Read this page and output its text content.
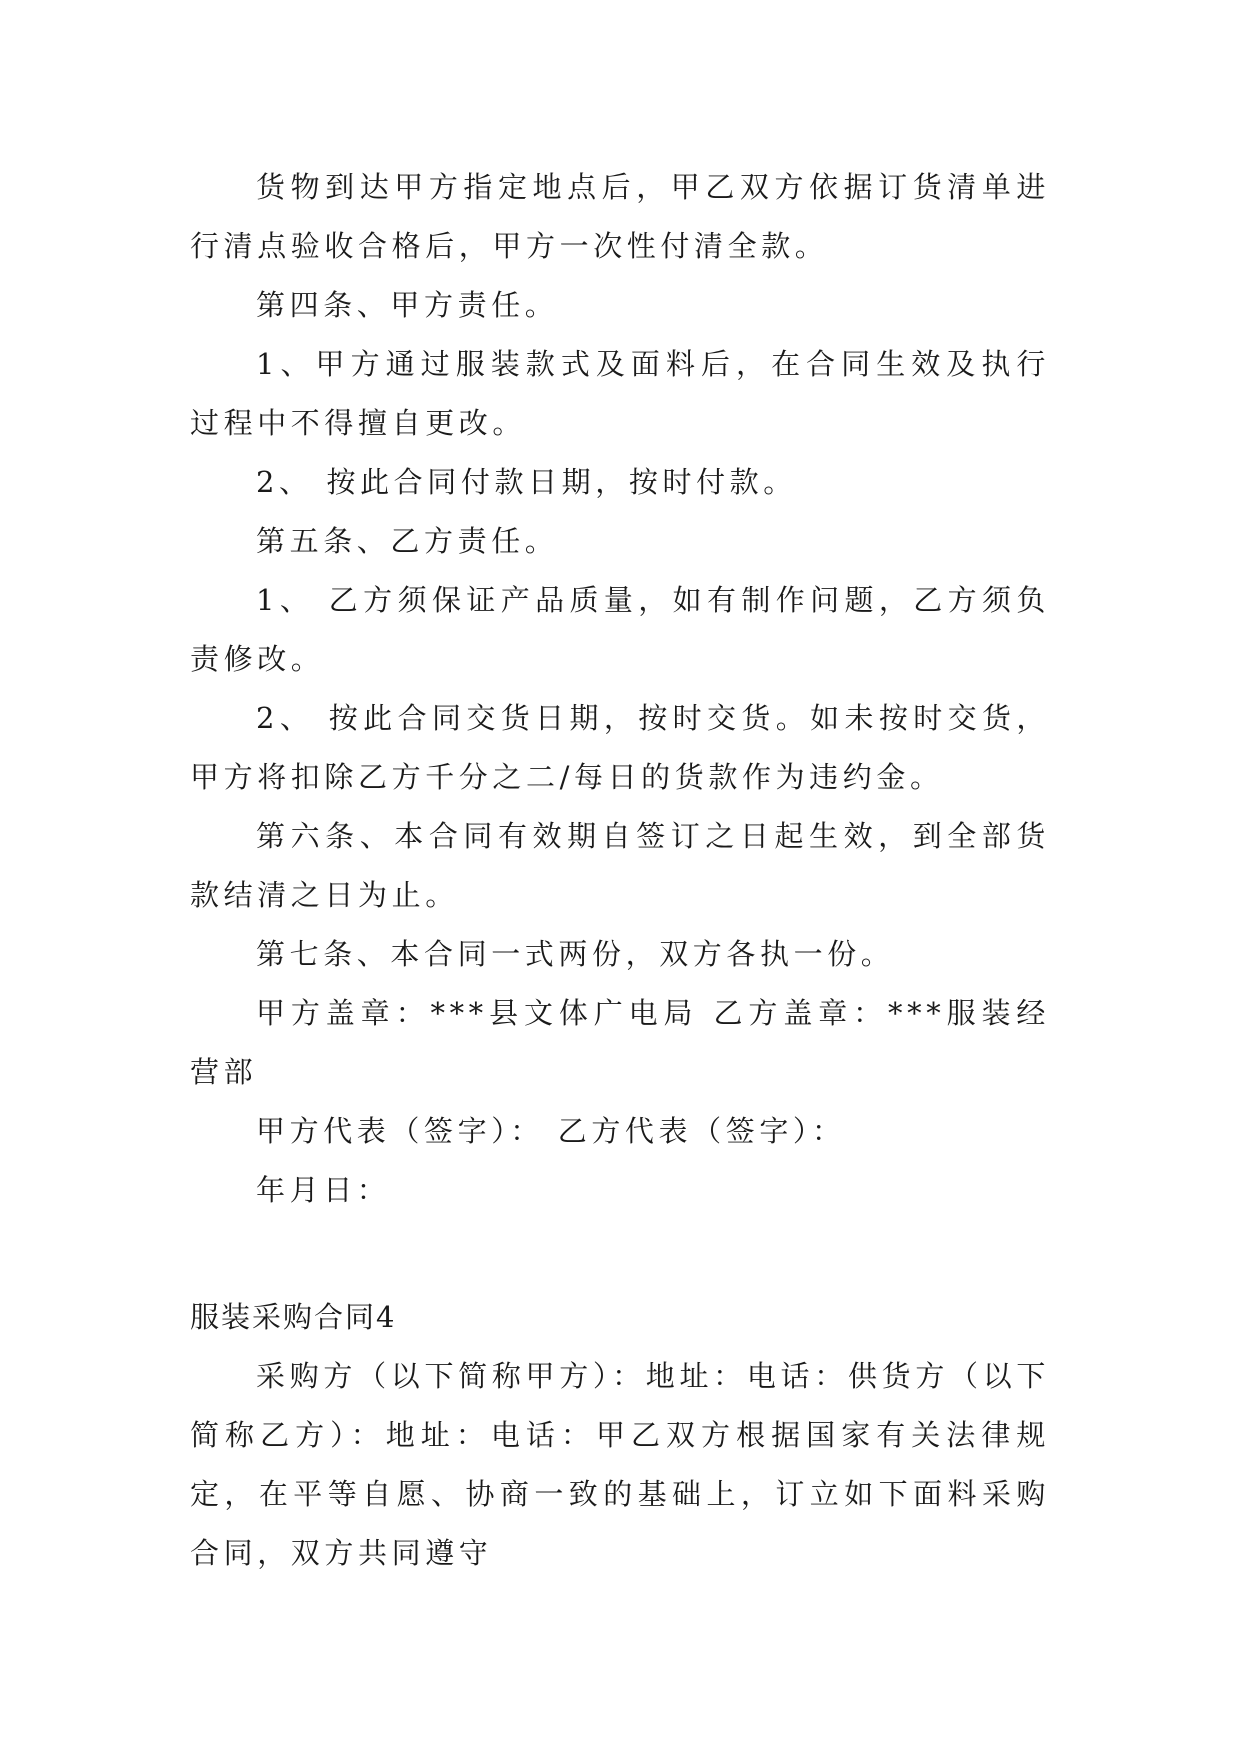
货物到达甲方指定地点后，甲乙双方依据订货清单进行清点验收合格后，甲方一次性付清全款。

第四条、甲方责任。

1、甲方通过服装款式及面料后，在合同生效及执行过程中不得擅自更改。

2、 按此合同付款日期，按时付款。

第五条、乙方责任。

1、 乙方须保证产品质量，如有制作问题，乙方须负责修改。

2、 按此合同交货日期，按时交货。如未按时交货，甲方将扣除乙方千分之二/每日的货款作为违约金。

第六条、本合同有效期自签订之日起生效，到全部货款结清之日为止。

第七条、本合同一式两份，双方各执一份。

甲方盖章：***县文体广电局 乙方盖章：***服装经营部

甲方代表（签字）： 乙方代表（签字）：

年月日：

服装采购合同4

采购方（以下简称甲方）：地址：电话：供货方（以下简称乙方）：地址：电话：甲乙双方根据国家有关法律规定，在平等自愿、协商一致的基础上，订立如下面料采购合同，双方共同遵守
